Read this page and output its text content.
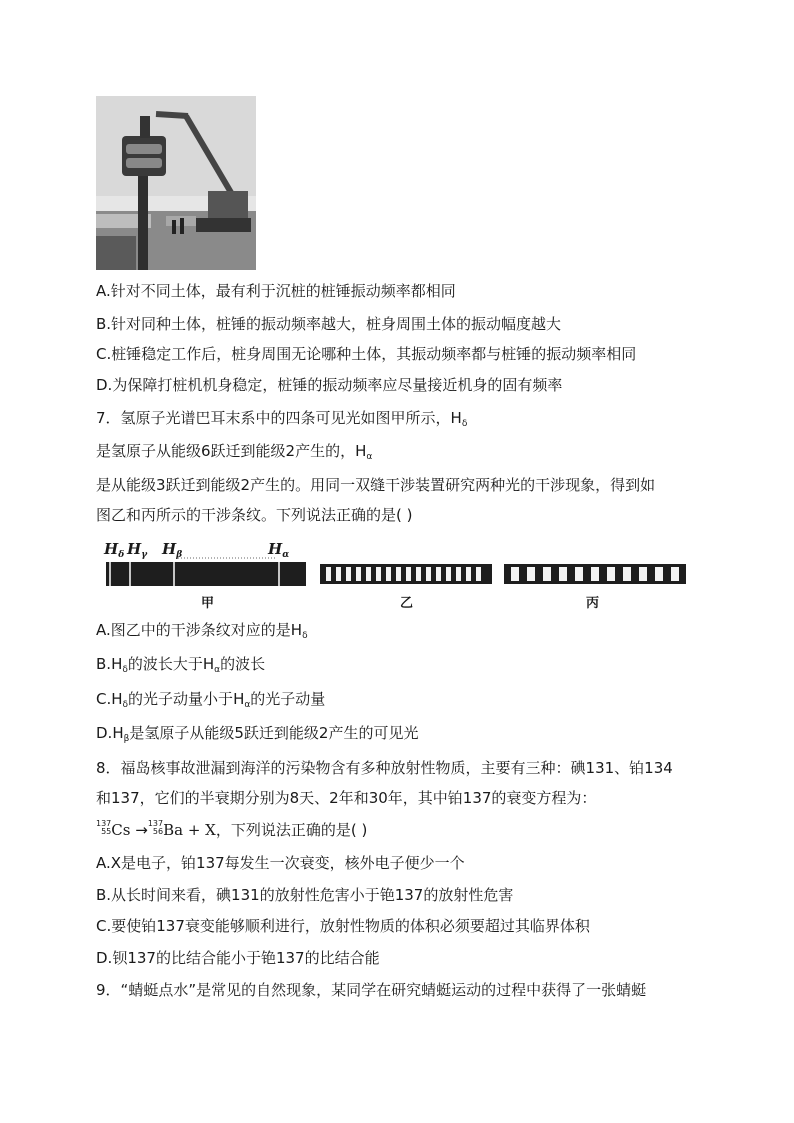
A.针对不同土体，最有利于沉桩的桩锤振动频率都相同
B.针对同种土体，桩锤的振动频率越大，桩身周围土体的振动幅度越大
C.桩锤稳定工作后，桩身周围无论哪种土体，其振动频率都与桩锤的振动频率相同
D.为保障打桩机机身稳定，桩锤的振动频率应尽量接近机身的固有频率
7．氢原子光谱巴耳末系中的四条可见光如图甲所示，$H_\delta$
是氢原子从能级6跃迁到能级2产生的，$H_\alpha$
是从能级3跃迁到能级2产生的。用同一双缝干涉装置研究两种光的干涉现象，得到如
图乙和丙所示的干涉条纹。下列说法正确的是( )
$H_\delta$ $H_\gamma$ $H_\beta$	$H_\alpha$
甲	乙	丙
A.图乙中的干涉条纹对应的是$H_\delta$
$B.H_\delta$的波长大于$H_\alpha$的波长
$C.H_\delta$的光子动量小于$H_\alpha$的光子动量
$D.H_\beta$是氢原子从能级5跃迁到能级2产生的可见光
8．福岛核事故泄漏到海洋的污染物含有多种放射性物质，主要有三种：碘131、铂134
和137，它们的半衰期分别为8天、2年和30年，其中铂137的衰变方程为：
137
55Cs →137
56Ba + X，下列说法正确的是( )
A.X是电子，铂137每发生一次衰变，核外电子便少一个
B.从长时间来看，碘131的放射性危害小于铯137的放射性危害
C.要使铂137衰变能够顺利进行，放射性物质的体积必须要超过其临界体积
D.钡137的比结合能小于铯137的比结合能
9．“蜻蜓点水”是常见的自然现象，某同学在研究蜻蜓运动的过程中获得了一张蜻蜓
